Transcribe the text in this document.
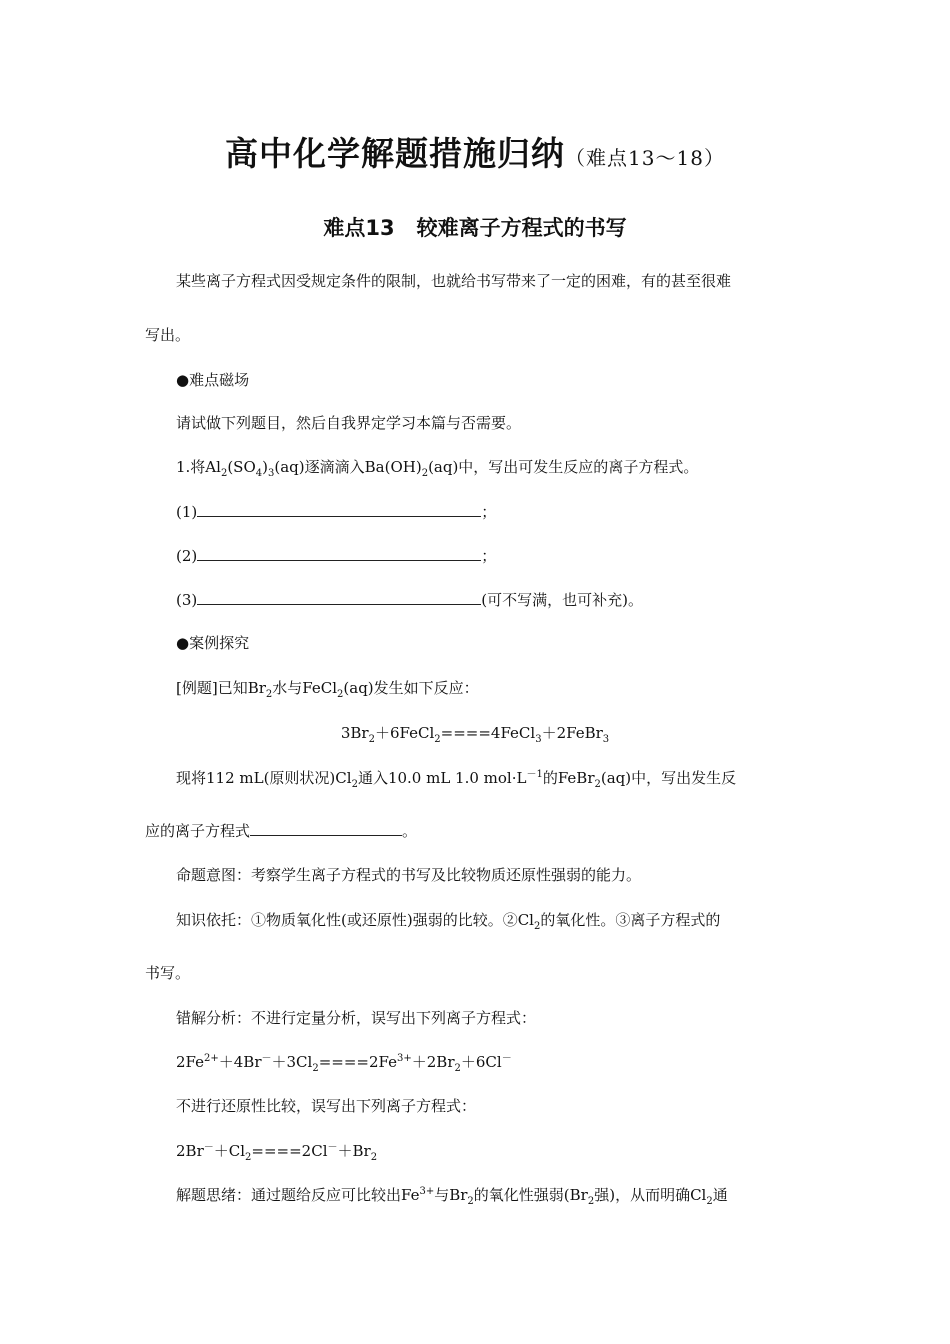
高中化学解题措施归纳（难点13～18）
难点13 较难离子方程式的书写
某些离子方程式因受规定条件的限制，也就给书写带来了一定的困难，有的甚至很难
写出。
●难点磁场
请试做下列题目，然后自我界定学习本篇与否需要。
1.将$Al_2(SO_4)_3(aq)$逐滴滴入$Ba(OH)_2(aq)$中，写出可发生反应的离子方程式。
(1)	；
(2)	；
(3)	(可不写满，也可补充)。
●案例探究
[例题]已知$Br_2$水与FeCl$_2$(aq)发生如下反应：
$3Br_2+6FeCl_2====4FeCl_3+2FeBr_3$
现将112 mL(原则状况)$Cl_2$通入10.0 mL 1.0 $mol\cdot L^{-1}$的FeBr$_2$(aq)中，写出发生反
应的离子方程式	。
命题意图：考察学生离子方程式的书写及比较物质还原性强弱的能力。
知识依托：①物质氧化性(或还原性)强弱的比较。$②Cl_2$的氧化性。③离子方程式的
书写。
错解分析：不进行定量分析，误写出下列离子方程式：
$2Fe^{2+}+4Br^-+3Cl_2====2Fe^{3+}+2Br_2+6Cl^-$
不进行还原性比较，误写出下列离子方程式：
$2Br^-+Cl_2====2Cl^-+Br_2$
解题思绪：通过题给反应可比较出$Fe^{3+}$与$Br_2$的氧化性强弱($Br_2$强)，从而明确$Cl_2$通
